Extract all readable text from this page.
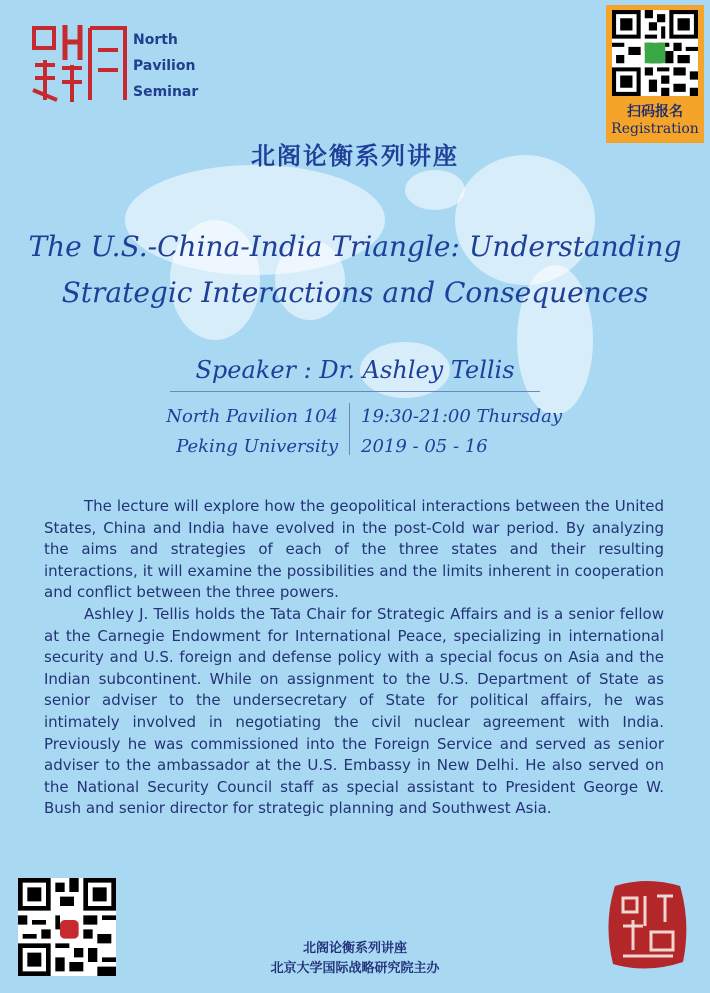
North
Pavilion
Seminar
扫码报名
Registration
北阁论衡系列讲座
The U.S.-China-India Triangle: Understanding
Strategic Interactions and Consequences
Speaker : Dr. Ashley Tellis
North Pavilion 104
Peking University
19:30-21:00 Thursday
2019 - 05 - 16

The lecture will explore how the geopolitical interactions between the United States, China and India have evolved in the post-Cold war period. By analyzing the aims and strategies of each of the three states and their resulting interactions, it will examine the possibilities and the limits inherent in cooperation and conflict between the three powers.

Ashley J. Tellis holds the Tata Chair for Strategic Affairs and is a senior fellow at the Carnegie Endowment for International Peace, specializing in international security and U.S. foreign and defense policy with a special focus on Asia and the Indian subcontinent. While on assignment to the U.S. Department of State as senior adviser to the undersecretary of State for political affairs, he was intimately involved in negotiating the civil nuclear agreement with India. Previously he was commissioned into the Foreign Service and served as senior adviser to the ambassador at the U.S. Embassy in New Delhi. He also served on the National Security Council staff as special assistant to President George W. Bush and senior director for strategic planning and Southwest Asia.

北阁论衡系列讲座
北京大学国际战略研究院主办
